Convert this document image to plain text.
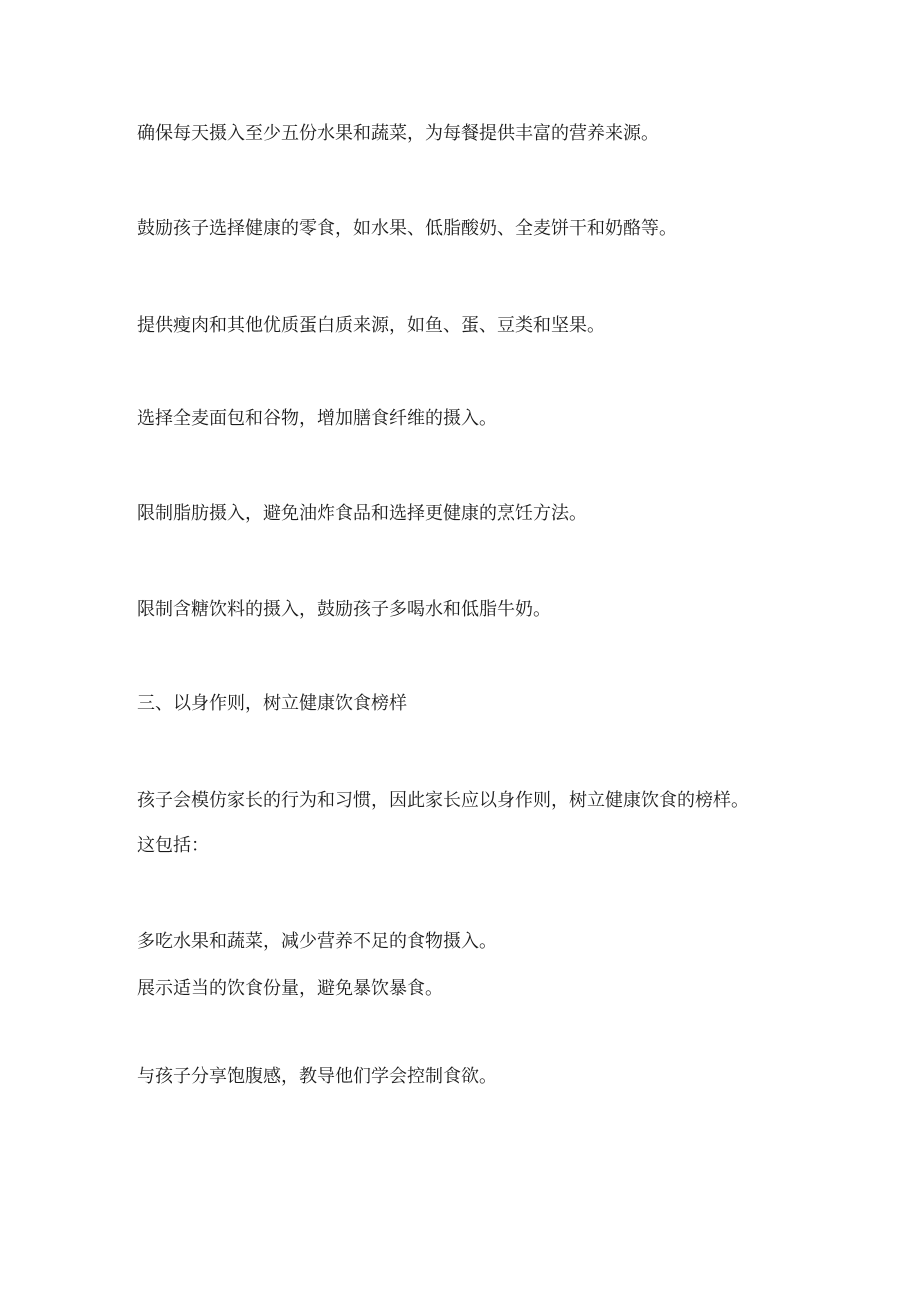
确保每天摄入至少五份水果和蔬菜，为每餐提供丰富的营养来源。

鼓励孩子选择健康的零食，如水果、低脂酸奶、全麦饼干和奶酪等。

提供瘦肉和其他优质蛋白质来源，如鱼、蛋、豆类和坚果。

选择全麦面包和谷物，增加膳食纤维的摄入。

限制脂肪摄入，避免油炸食品和选择更健康的烹饪方法。

限制含糖饮料的摄入，鼓励孩子多喝水和低脂牛奶。

三、以身作则，树立健康饮食榜样

孩子会模仿家长的行为和习惯，因此家长应以身作则，树立健康饮食的榜样。

这包括：

多吃水果和蔬菜，减少营养不足的食物摄入。

展示适当的饮食份量，避免暴饮暴食。

与孩子分享饱腹感，教导他们学会控制食欲。
